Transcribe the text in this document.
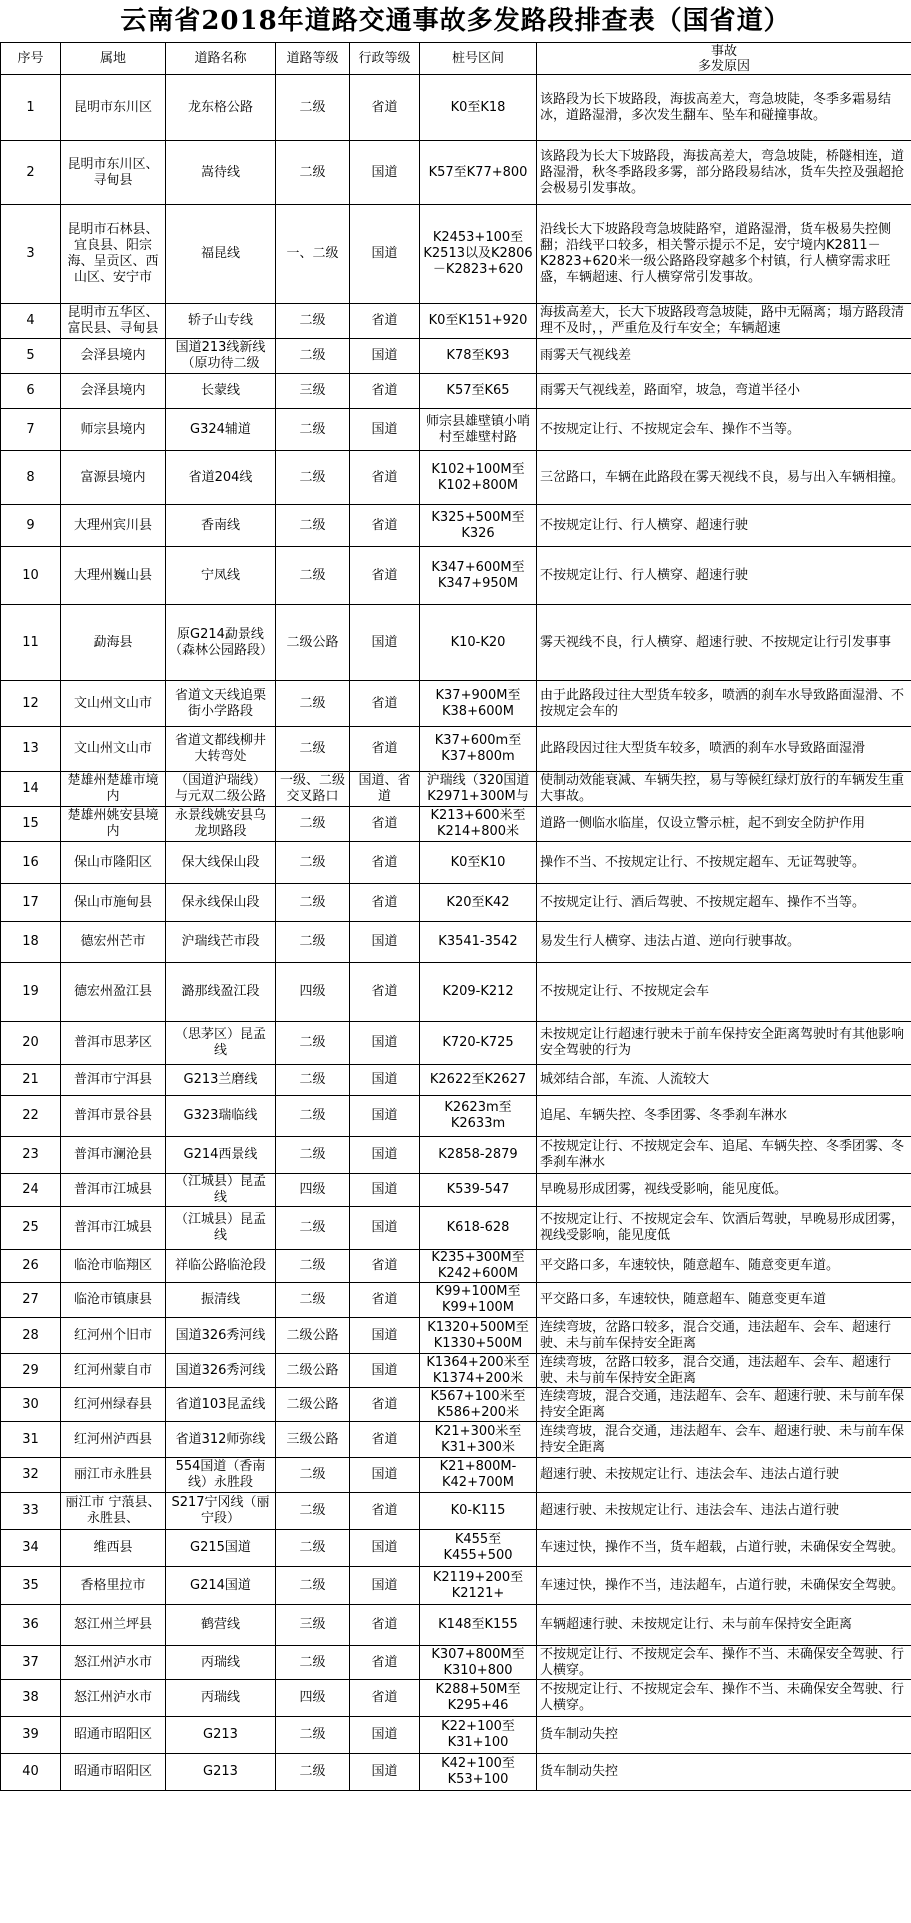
云南省2018年道路交通事故多发路段排查表（国省道）
序号	属地	道路名称	道路等级	行政等级	桩号区间	事故
多发原因
1	昆明市东川区	龙东格公路	二级	省道	K0至K18	该路段为长下坡路段，海拔高差大，弯急坡陡，冬季多霜易结冰，道路湿滑，多次发生翻车、坠车和碰撞事故。
2	昆明市东川区、寻甸县	嵩待线	二级	国道	K57至K77+800	该路段为长大下坡路段，海拔高差大，弯急坡陡，桥隧相连，道路湿滑，秋冬季路段多雾，部分路段易结冰，货车失控及强超抢会极易引发事故。
3	昆明市石林县、宜良县、阳宗海、呈贡区、西山区、安宁市	福昆线	一、二级	国道	K2453+100至K2513以及K2806－K2823+620	沿线长大下坡路段弯急坡陡路窄，道路湿滑，货车极易失控侧翻；沿线平口较多，相关警示提示不足，安宁境内K2811－K2823+620米一级公路路段穿越多个村镇，行人横穿需求旺盛，车辆超速、行人横穿常引发事故。
4	昆明市五华区、富民县、寻甸县	轿子山专线	二级	省道	K0至K151+920	海拔高差大，长大下坡路段弯急坡陡，路中无隔离；塌方路段清理不及时，，严重危及行车安全；车辆超速
5	会泽县境内	国道213线新线（原功待二级	二级	国道	K78至K93	雨雾天气视线差
6	会泽县境内	长蒙线	三级	省道	K57至K65	雨雾天气视线差，路面窄，坡急，弯道半径小
7	师宗县境内	G324辅道	二级	国道	师宗县雄壁镇小哨村至雄壁村路	不按规定让行、不按规定会车、操作不当等。
8	富源县境内	省道204线	二级	省道	K102+100M至K102+800M	三岔路口，车辆在此路段在雾天视线不良，易与出入车辆相撞。
9	大理州宾川县	香南线	二级	省道	K325+500M至K326	不按规定让行、行人横穿、超速行驶
10	大理州巍山县	宁凤线	二级	省道	K347+600M至K347+950M	不按规定让行、行人横穿、超速行驶
11	勐海县	原G214勐景线（森林公园路段）	二级公路	国道	K10-K20	雾天视线不良，行人横穿、超速行驶、不按规定让行引发事事
12	文山州文山市	省道文天线追栗街小学路段	二级	省道	K37+900M至K38+600M	由于此路段过往大型货车较多，喷洒的刹车水导致路面湿滑、不按规定会车的
13	文山州文山市	省道文都线柳井大转弯处	二级	省道	K37+600m至K37+800m	此路段因过往大型货车较多，喷洒的刹车水导致路面湿滑
14	楚雄州楚雄市境内	（国道沪瑞线）与元双二级公路	一级、二级交叉路口	国道、省道	沪瑞线（320国道K2971+300M与	使制动效能衰减、车辆失控，易与等候红绿灯放行的车辆发生重大事故。
15	楚雄州姚安县境内	永景线姚安县乌龙坝路段	二级	省道	K213+600米至K214+800米	道路一侧临水临崖，仅设立警示桩，起不到安全防护作用
16	保山市隆阳区	保大线保山段	二级	省道	K0至K10	操作不当、不按规定让行、不按规定超车、无证驾驶等。
17	保山市施甸县	保永线保山段	二级	省道	K20至K42	不按规定让行、酒后驾驶、不按规定超车、操作不当等。
18	德宏州芒市	沪瑞线芒市段	二级	国道	K3541-3542	易发生行人横穿、违法占道、逆向行驶事故。
19	德宏州盈江县	潞那线盈江段	四级	省道	K209-K212	不按规定让行、不按规定会车
20	普洱市思茅区	（思茅区）昆孟线	二级	国道	K720-K725	未按规定让行超速行驶未于前车保持安全距离驾驶时有其他影响安全驾驶的行为
21	普洱市宁洱县	G213兰磨线	二级	国道	K2622至K2627	城郊结合部，车流、人流较大
22	普洱市景谷县	G323瑞临线	二级	国道	K2623m至K2633m	追尾、车辆失控、冬季团雾、冬季刹车淋水
23	普洱市澜沧县	G214西景线	二级	国道	K2858-2879	不按规定让行、不按规定会车、追尾、车辆失控、冬季团雾、冬季刹车淋水
24	普洱市江城县	（江城县）昆孟线	四级	国道	K539-547	早晚易形成团雾，视线受影响，能见度低。
25	普洱市江城县	（江城县）昆孟线	二级	国道	K618-628	不按规定让行、不按规定会车、饮酒后驾驶，早晚易形成团雾，视线受影响，能见度低
26	临沧市临翔区	祥临公路临沧段	二级	省道	K235+300M至K242+600M	平交路口多，车速较快，随意超车、随意变更车道。
27	临沧市镇康县	振清线	二级	省道	K99+100M至K99+100M	平交路口多，车速较快，随意超车、随意变更车道
28	红河州个旧市	国道326秀河线	二级公路	国道	K1320+500M至K1330+500M	连续弯坡，岔路口较多，混合交通，违法超车、会车、超速行驶、未与前车保持安全距离
29	红河州蒙自市	国道326秀河线	二级公路	国道	K1364+200米至K1374+200米	连续弯坡，岔路口较多，混合交通，违法超车、会车、超速行驶、未与前车保持安全距离
30	红河州绿春县	省道103昆孟线	二级公路	省道	K567+100米至K586+200米	连续弯坡，混合交通，违法超车、会车、超速行驶、未与前车保持安全距离
31	红河州泸西县	省道312师弥线	三级公路	省道	K21+300米至K31+300米	连续弯坡，混合交通，违法超车、会车、超速行驶、未与前车保持安全距离
32	丽江市永胜县	554国道（香南线）永胜段	二级	国道	K21+800M-K42+700M	超速行驶、未按规定让行、违法会车、违法占道行驶
33	丽江市 宁蒗县、永胜县、	S217宁冈线（丽宁段）	二级	省道	K0-K115	超速行驶、未按规定让行、违法会车、违法占道行驶
34	维西县	G215国道	二级	国道	K455至K455+500	车速过快，操作不当，货车超载，占道行驶，未确保安全驾驶。
35	香格里拉市	G214国道	二级	国道	K2119+200至K2121+	车速过快，操作不当，违法超车，占道行驶，未确保安全驾驶。
36	怒江州兰坪县	鹤营线	三级	省道	K148至K155	车辆超速行驶、未按规定让行、未与前车保持安全距离
37	怒江州泸水市	丙瑞线	二级	省道	K307+800M至K310+800	不按规定让行、不按规定会车、操作不当、未确保安全驾驶、行人横穿。
38	怒江州泸水市	丙瑞线	四级	省道	K288+50M至K295+46	不按规定让行、不按规定会车、操作不当、未确保安全驾驶、行人横穿。
39	昭通市昭阳区	G213	二级	国道	K22+100至K31+100	货车制动失控
40	昭通市昭阳区	G213	二级	国道	K42+100至K53+100	货车制动失控
